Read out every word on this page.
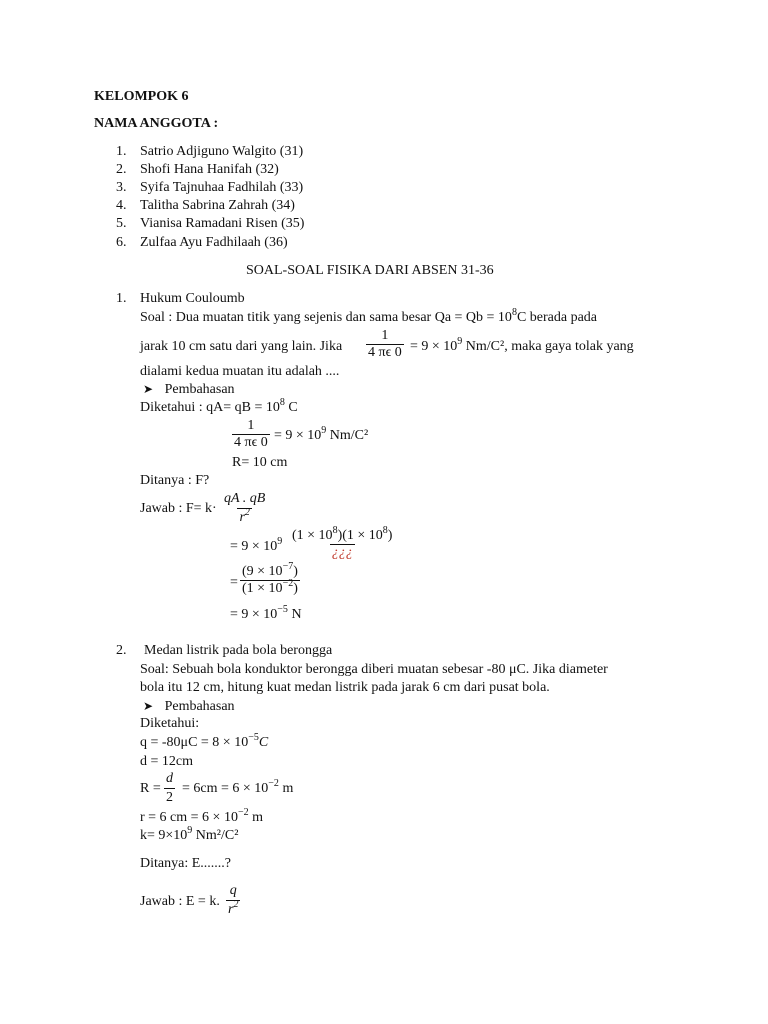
KELOMPOK 6
NAMA ANGGOTA :
1. Satrio Adjiguno Walgito (31)
2. Shofi Hana Hanifah (32)
3. Syifa Tajnuhaa Fadhilah (33)
4. Talitha Sabrina Zahrah (34)
5. Vianisa Ramadani Risen (35)
6. Zulfaa Ayu Fadhilaah (36)
SOAL-SOAL FISIKA DARI ABSEN 31-36
1. Hukum Couloumb
Soal : Dua muatan titik yang sejenis dan sama besar $Qa = Qb = 10^8C$ berada pada
jarak 10 cm satu dari yang lain. Jika $\frac{1}{4 \pi\epsilon 0} = 9 \times 10^9$ Nm/C², maka gaya tolak yang
dialami kedua muatan itu adalah ....
➤ Pembahasan
Diketahui : qA= qB = $10^8$ C
$\frac{1}{4 \pi\epsilon 0} = 9 \times 10^9$ Nm/C²
R= 10 cm
Ditanya : F?
Jawab : $F= k\cdot \frac{qA . qB}{r^2}$
= $9 \times 10^9$ $(1 \times 10^8)(1 \times 10^8)$
¿¿¿
= $\frac{(9 \times 10^{-7})}{(1 \times 10^{-2})}$
= $9 \times 10^{-5}$ N
2. Medan listrik pada bola berongga
Soal: Sebuah bola konduktor berongga diberi muatan sebesar -80 μC. Jika diameter
bola itu 12 cm, hitung kuat medan listrik pada jarak 6 cm dari pusat bola.
➤ Pembahasan
Diketahui:
$q = -80\mu C = 8 \times 10^{-5}C$
d = 12cm
$R = \frac{d}{2} = 6cm = 6 \times 10^{-2}$ m
r = 6 cm = $6 \times 10^{-2}$ m
$k= 9\times 10^9$ Nm²/C²
Ditanya: E.......?
Jawab : E = k. $\frac{q}{r^2}$
